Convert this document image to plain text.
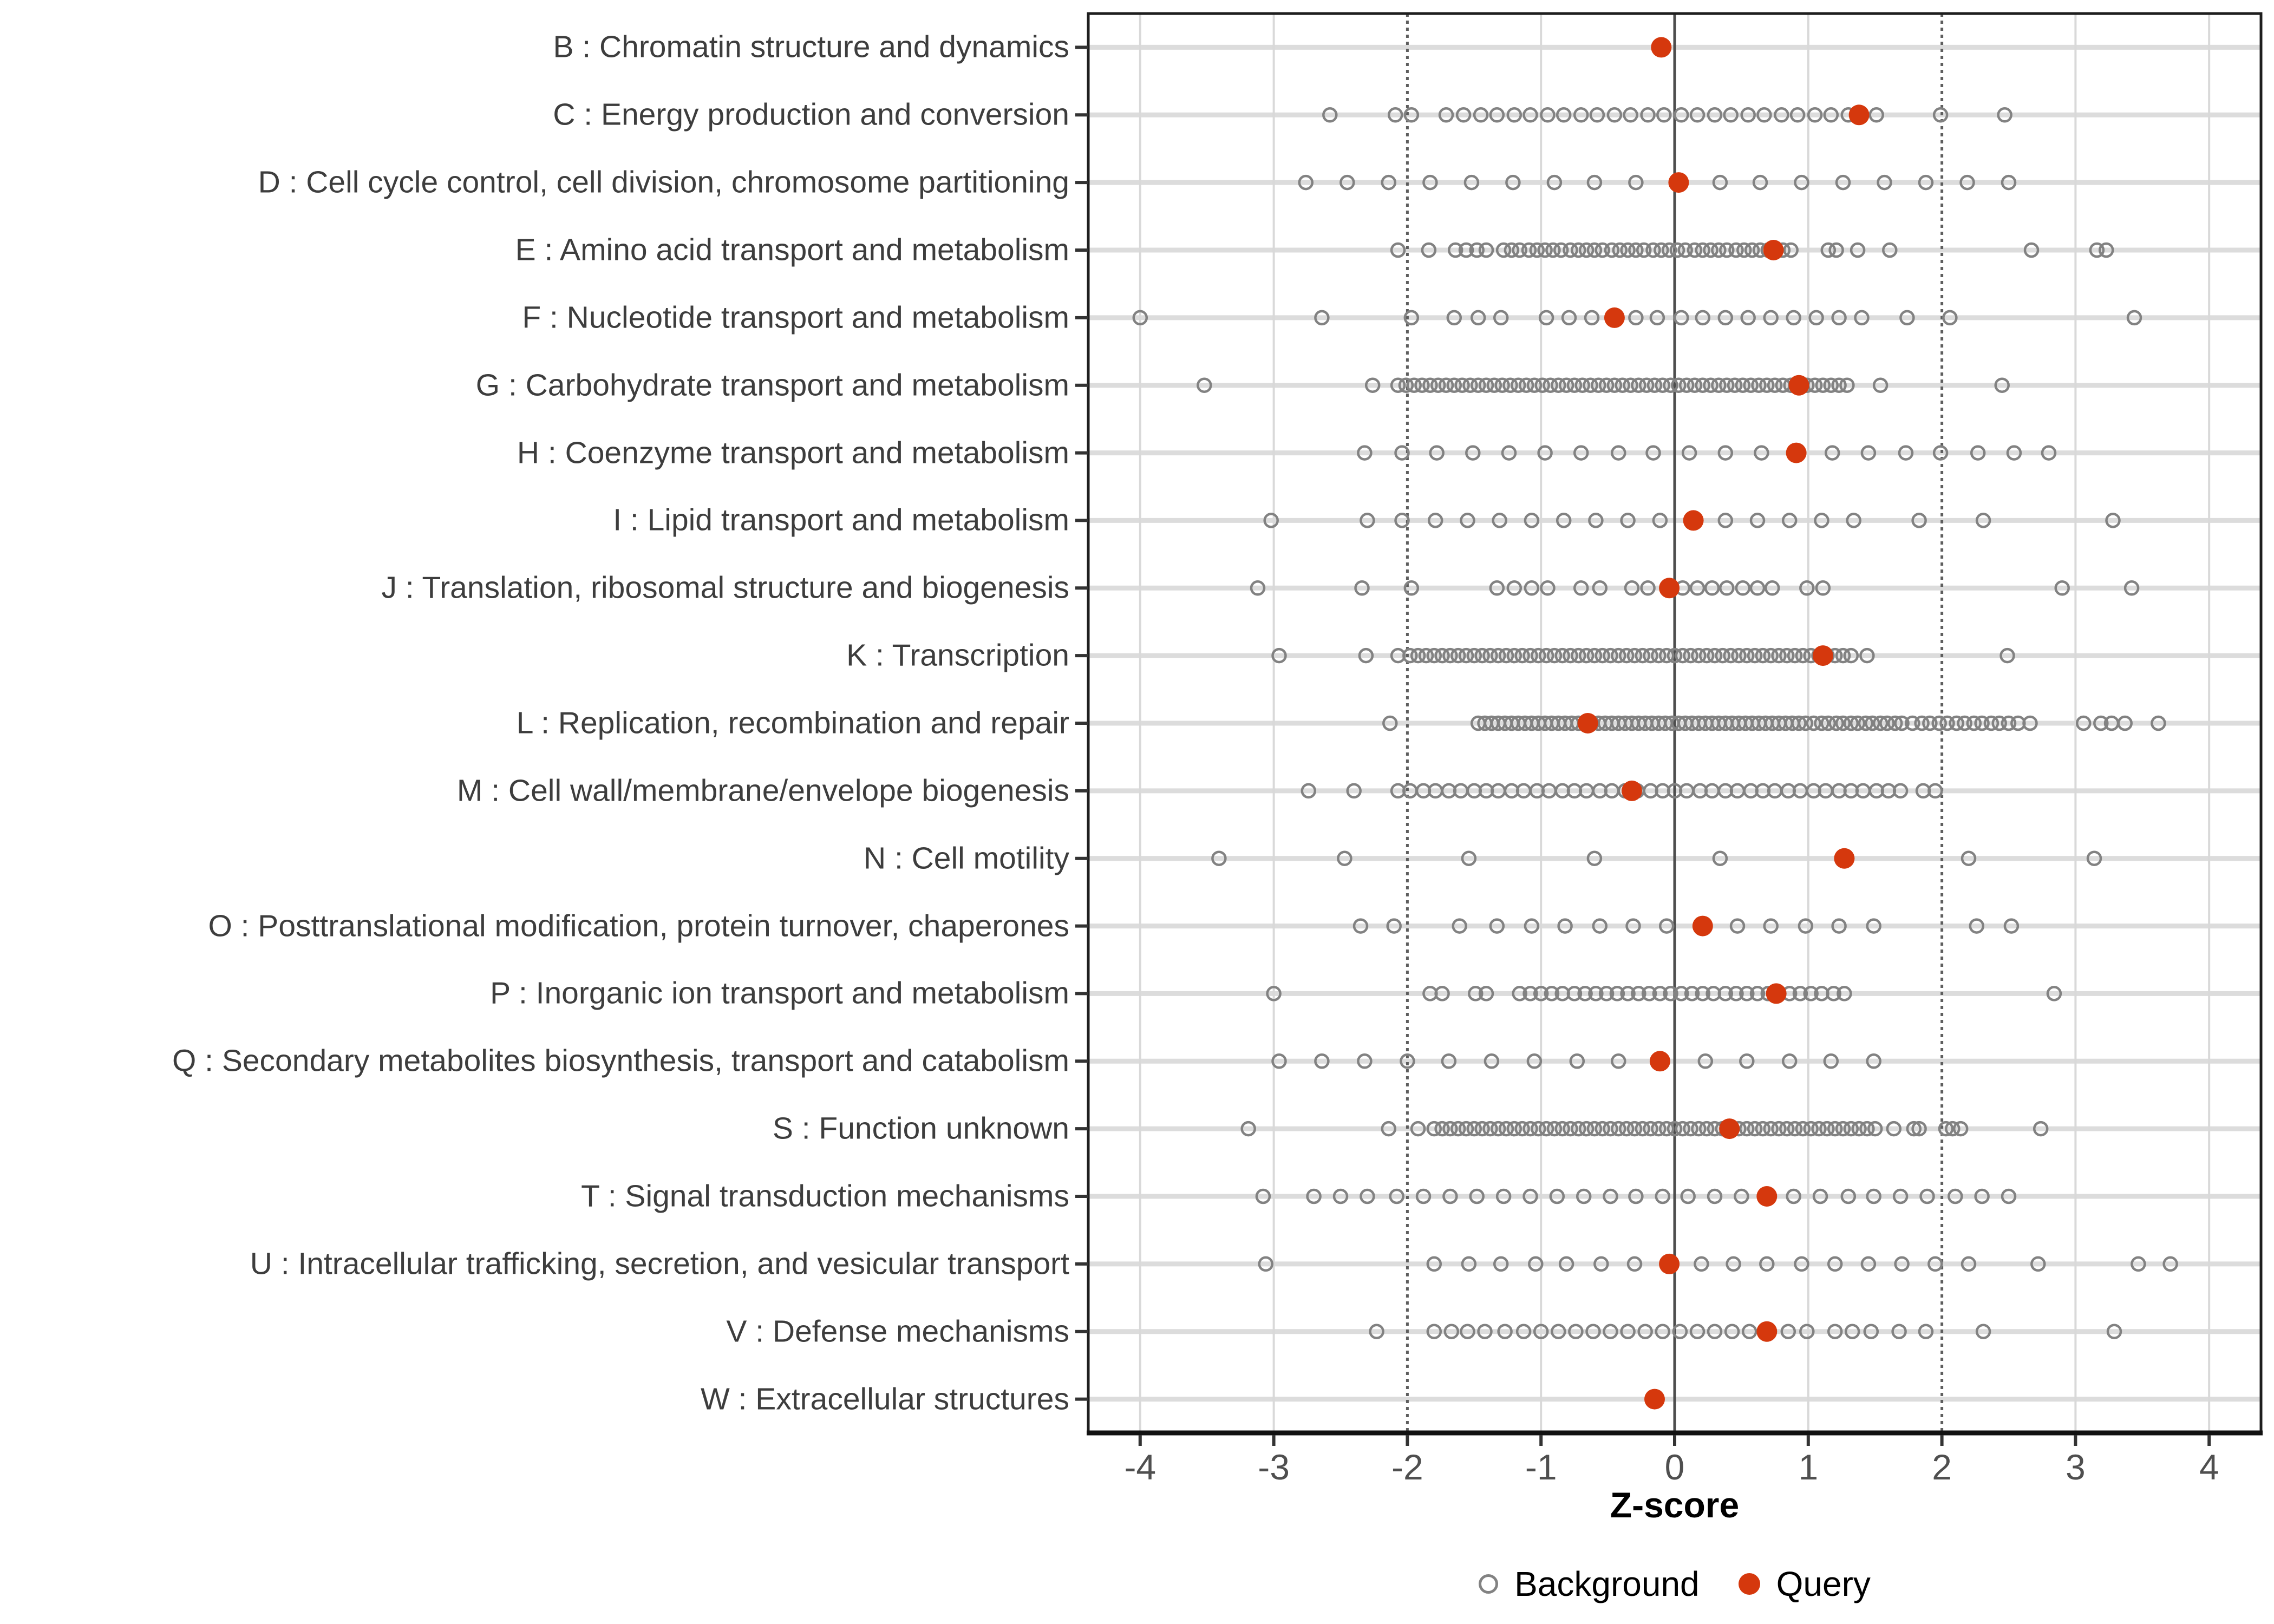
B : Chromatin structure and dynamics
C : Energy production and conversion
D : Cell cycle control, cell division, chromosome partitioning
E : Amino acid transport and metabolism
F : Nucleotide transport and metabolism
G : Carbohydrate transport and metabolism
H : Coenzyme transport and metabolism
I : Lipid transport and metabolism
J : Translation, ribosomal structure and biogenesis
K : Transcription
L : Replication, recombination and repair
M : Cell wall/membrane/envelope biogenesis
N : Cell motility
O : Posttranslational modification, protein turnover, chaperones
P : Inorganic ion transport and metabolism
Q : Secondary metabolites biosynthesis, transport and catabolism
S : Function unknown
T : Signal transduction mechanisms
U : Intracellular trafficking, secretion, and vesicular transport
V : Defense mechanisms
W : Extracellular structures
-4	-3	-2	-1	0	1	2	3	4
Z-score
Background Query
